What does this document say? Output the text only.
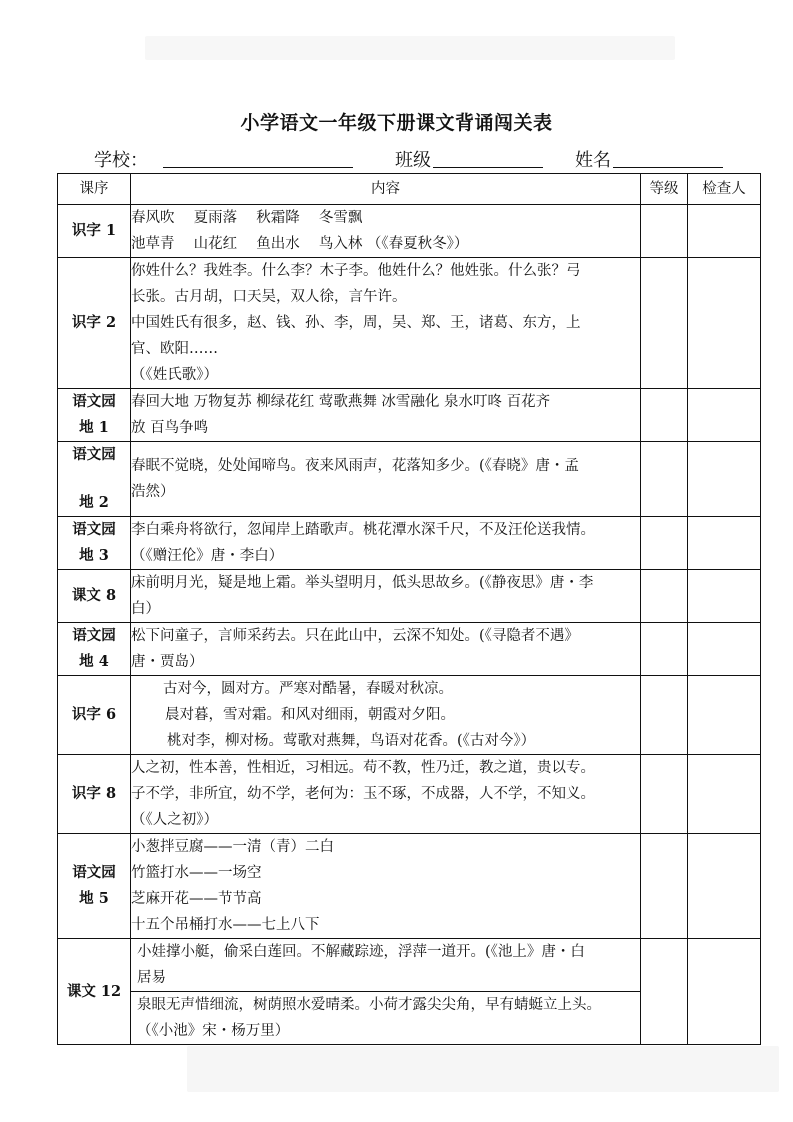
小学语文一年级下册课文背诵闯关表
学校：	班级	姓名
课序	内容	等级	检查人

识字 1	春风吹　 夏雨落　 秋霜降　 冬雪飘
池草青　 山花红　 鱼出水　 鸟入林 （《春夏秋冬》）		

识字 2	你姓什么？我姓李。什么李？木子李。他姓什么？他姓张。什么张？弓
长张。古月胡，口天吴，双人徐，言午许。
中国姓氏有很多，赵、钱、孙、李，周，吴、郑、王，诸葛、东方，上
官、欧阳……
（《姓氏歌》）		

语文园
地 1	春回大地 万物复苏 柳绿花红 莺歌燕舞 冰雪融化 泉水叮咚 百花齐
放 百鸟争鸣		

语文园
地 2	春眠不觉晓，处处闻啼鸟。夜来风雨声，花落知多少。(《春晓》唐・孟
浩然）		

语文园
地 3	李白乘舟将欲行，忽闻岸上踏歌声。桃花潭水深千尺，不及汪伦送我情。
（《赠汪伦》唐・李白）		

课文 8	床前明月光，疑是地上霜。举头望明月，低头思故乡。(《静夜思》唐・李
白）		

语文园
地 4	松下问童子，言师采药去。只在此山中，云深不知处。(《寻隐者不遇》
唐・贾岛）		

识字 6	古对今，圆对方。严寒对酷暑，春暖对秋凉。
晨对暮，雪对霜。和风对细雨，朝霞对夕阳。
桃对李，柳对杨。莺歌对燕舞，鸟语对花香。(《古对今》）		

识字 8	人之初，性本善，性相近，习相远。苟不教，性乃迁，教之道，贵以专。
子不学，非所宜，幼不学，老何为：玉不琢，不成器，人不学，不知义。
（《人之初》）		

语文园
地 5	小葱拌豆腐——一清（青）二白
竹篮打水——一场空
芝麻开花——节节高
十五个吊桶打水——七上八下		

课文 12	小娃撑小艇，偷采白莲回。不解藏踪迹，浮萍一道开。(《池上》唐・白
居易
泉眼无声惜细流，树荫照水爱晴柔。小荷才露尖尖角，早有蜻蜓立上头。
（《小池》宋・杨万里）		
